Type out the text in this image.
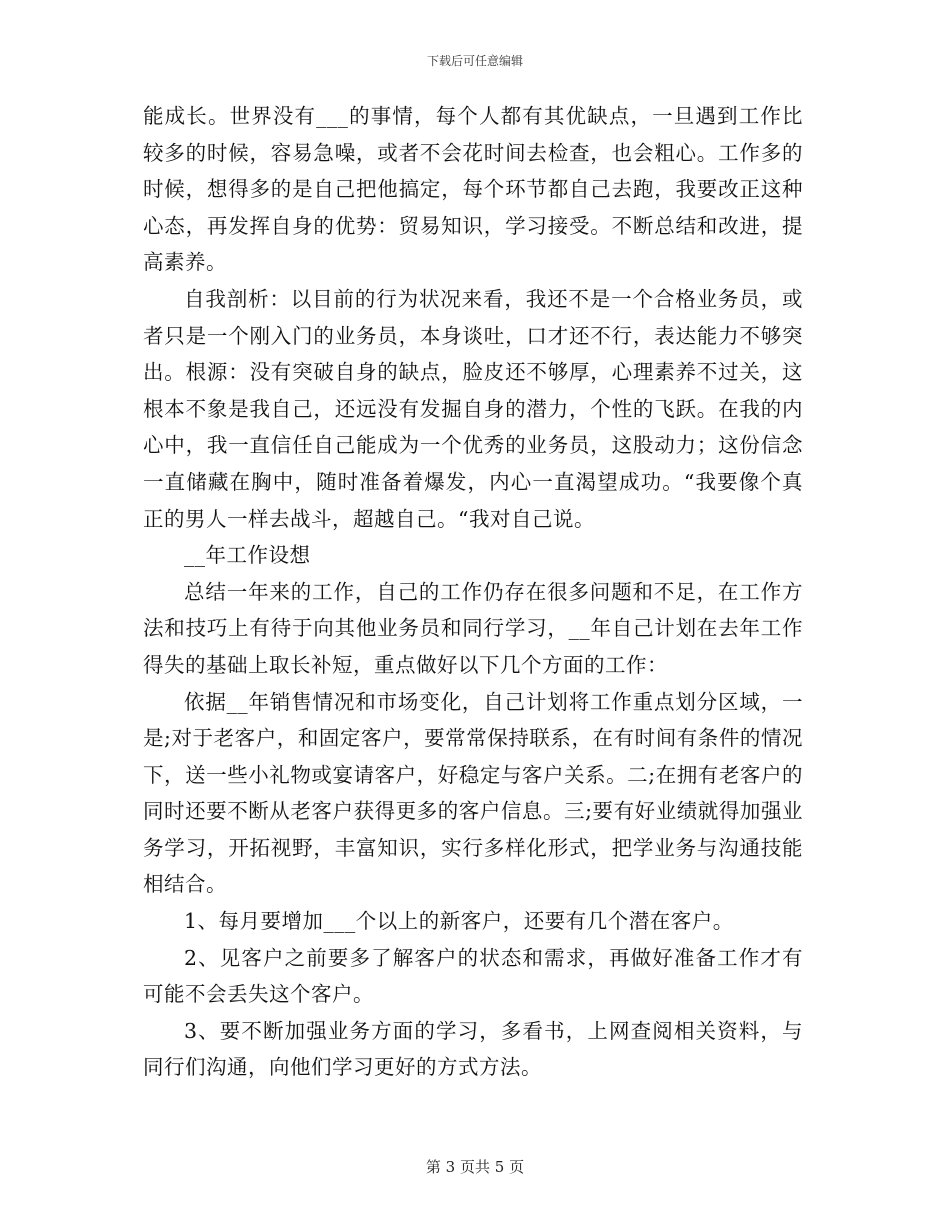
下载后可任意编辑

能成长。世界没有___的事情，每个人都有其优缺点，一旦遇到工作比较多的时候，容易急噪，或者不会花时间去检查，也会粗心。工作多的时候，想得多的是自己把他搞定，每个环节都自己去跑，我要改正这种心态，再发挥自身的优势：贸易知识，学习接受。不断总结和改进，提高素养。

自我剖析：以目前的行为状况来看，我还不是一个合格业务员，或者只是一个刚入门的业务员，本身谈吐，口才还不行，表达能力不够突出。根源：没有突破自身的缺点，脸皮还不够厚，心理素养不过关，这根本不象是我自己，还远没有发掘自身的潜力，个性的飞跃。在我的内心中，我一直信任自己能成为一个优秀的业务员，这股动力；这份信念一直储藏在胸中，随时准备着爆发，内心一直渴望成功。“我要像个真正的男人一样去战斗，超越自己。“我对自己说。

__年工作设想

总结一年来的工作，自己的工作仍存在很多问题和不足，在工作方法和技巧上有待于向其他业务员和同行学习，__年自己计划在去年工作得失的基础上取长补短，重点做好以下几个方面的工作：

依据__年销售情况和市场变化，自己计划将工作重点划分区域，一是;对于老客户，和固定客户，要常常保持联系，在有时间有条件的情况下，送一些小礼物或宴请客户，好稳定与客户关系。二;在拥有老客户的同时还要不断从老客户获得更多的客户信息。三;要有好业绩就得加强业务学习，开拓视野，丰富知识，实行多样化形式，把学业务与沟通技能相结合。

1、每月要增加___个以上的新客户，还要有几个潜在客户。

2、见客户之前要多了解客户的状态和需求，再做好准备工作才有可能不会丢失这个客户。

3、要不断加强业务方面的学习，多看书，上网查阅相关资料，与同行们沟通，向他们学习更好的方式方法。

第 3 页共 5 页
